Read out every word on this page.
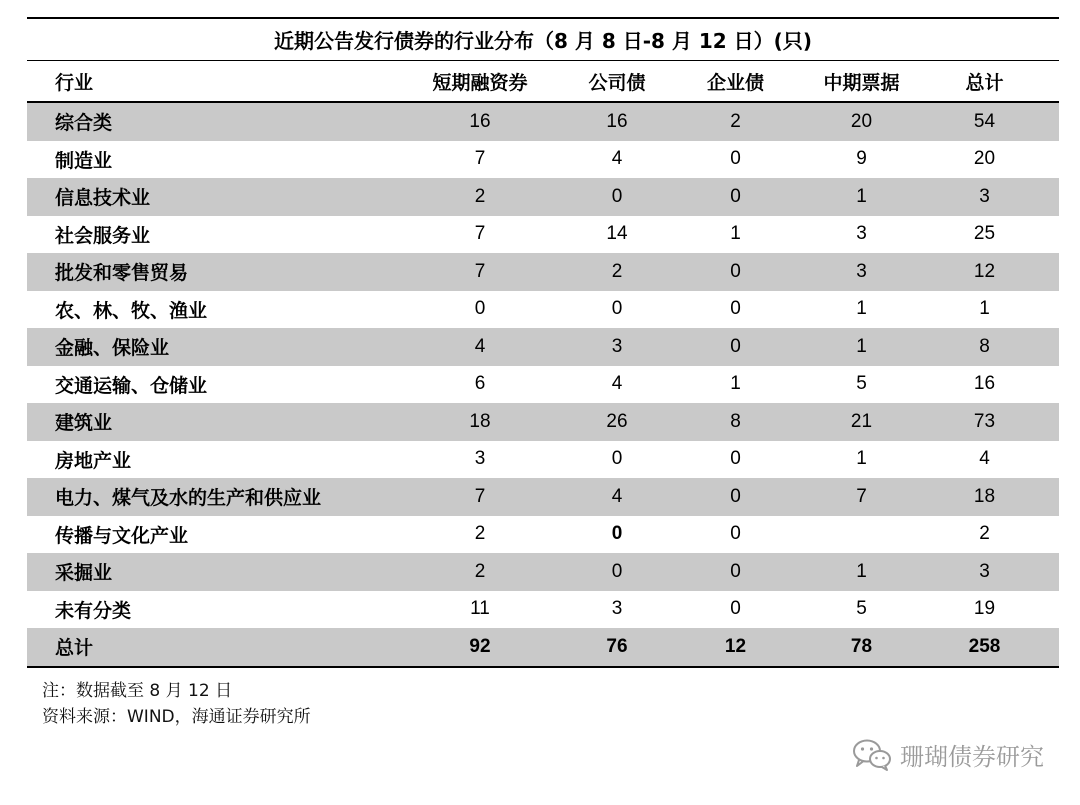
近期公告发行债券的行业分布（8 月 8 日-8 月 12 日）(只)
行业	短期融资券	公司债	企业债	中期票据	总计
综合类	16	16	2	20	54
制造业	7	4	0	9	20
信息技术业	2	0	0	1	3
社会服务业	7	14	1	3	25
批发和零售贸易	7	2	0	3	12
农、林、牧、渔业	0	0	0	1	1
金融、保险业	4	3	0	1	8
交通运输、仓储业	6	4	1	5	16
建筑业	18	26	8	21	73
房地产业	3	0	0	1	4
电力、煤气及水的生产和供应业	7	4	0	7	18
传播与文化产业	2	0	0		2
采掘业	2	0	0	1	3
未有分类	11	3	0	5	19
总计	92	76	12	78	258
注：数据截至 8 月 12 日
资料来源：WIND，海通证券研究所
珊瑚债券研究
